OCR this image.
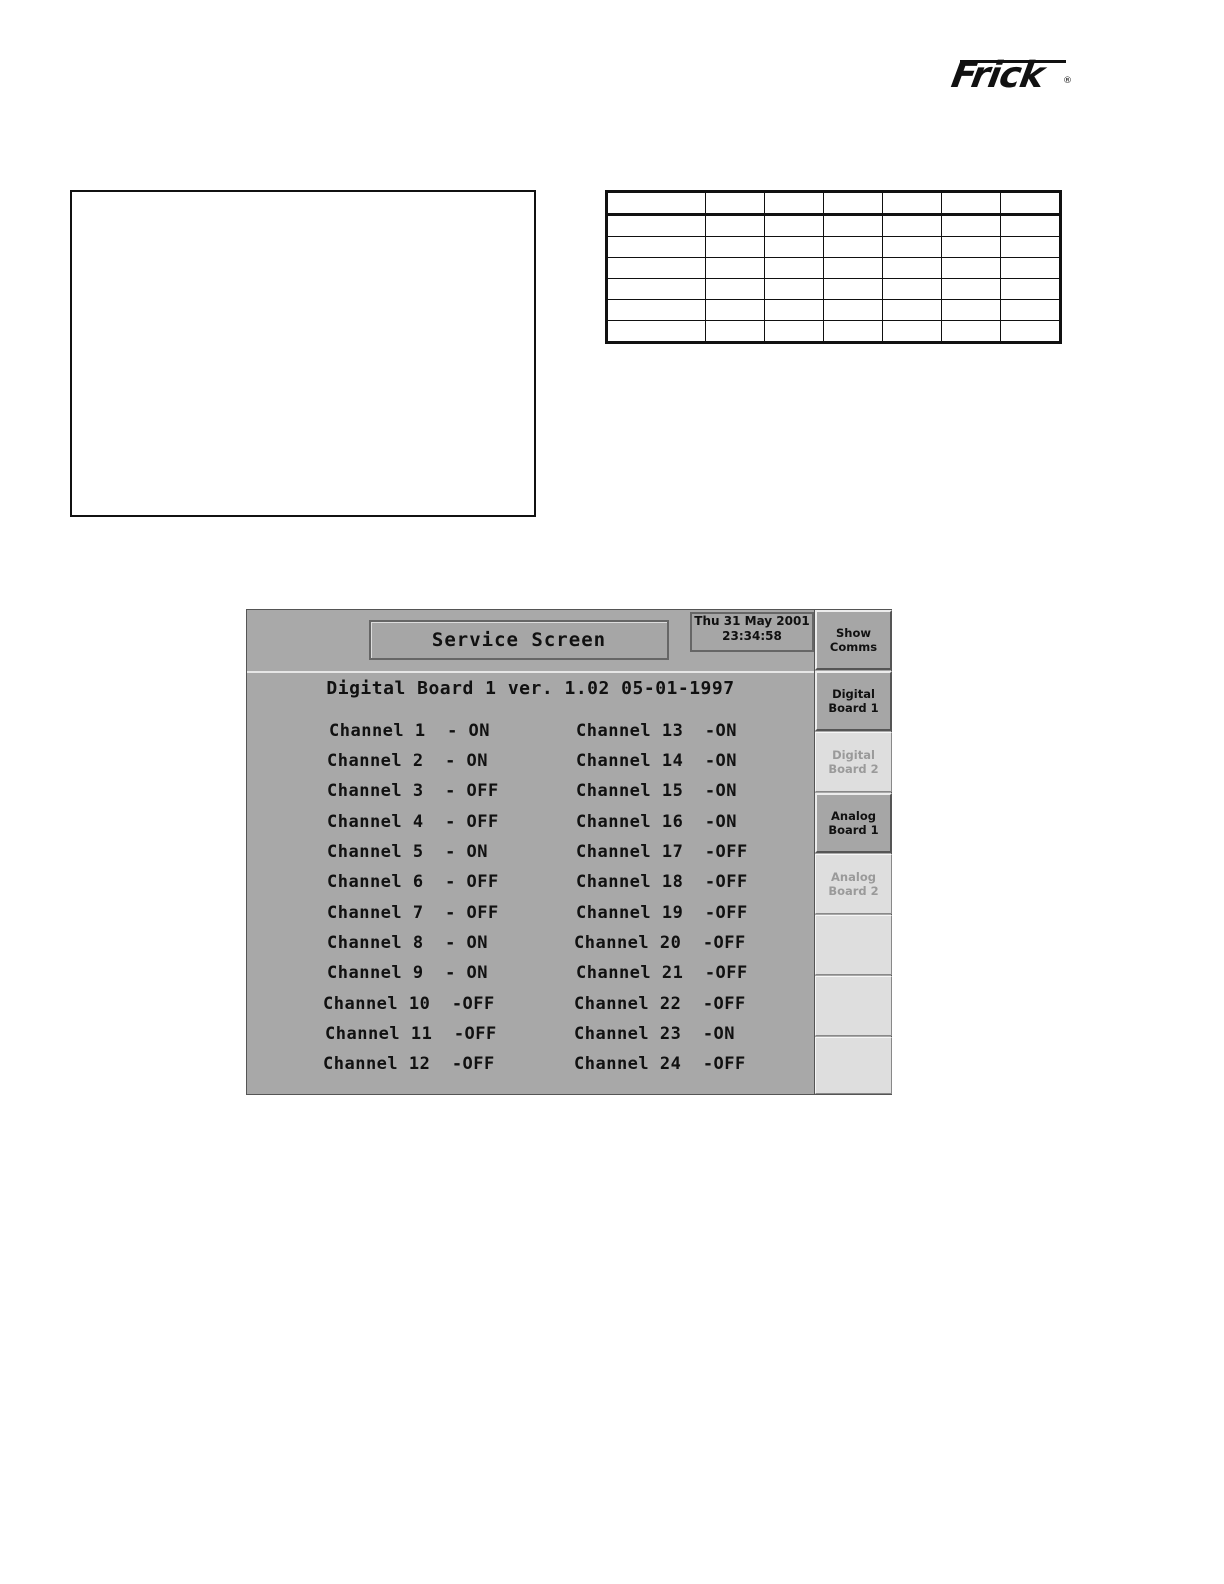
Frick ®

Service Screen
Thu 31 May 2001
23:34:58
Digital Board 1 ver. 1.02 05-01-1997
Channel 1  - ON
Channel 2  - ON
Channel 3  - OFF
Channel 4  - OFF
Channel 5  - ON
Channel 6  - OFF
Channel 7  - OFF
Channel 8  - ON
Channel 9  - ON
Channel 10  -OFF
Channel 11  -OFF
Channel 12  -OFF
Channel 13  -ON
Channel 14  -ON
Channel 15  -ON
Channel 16  -ON
Channel 17  -OFF
Channel 18  -OFF
Channel 19  -OFF
Channel 20  -OFF
Channel 21  -OFF
Channel 22  -OFF
Channel 23  -ON
Channel 24  -OFF
Show
Comms
Digital
Board 1
Digital
Board 2
Analog
Board 1
Analog
Board 2
